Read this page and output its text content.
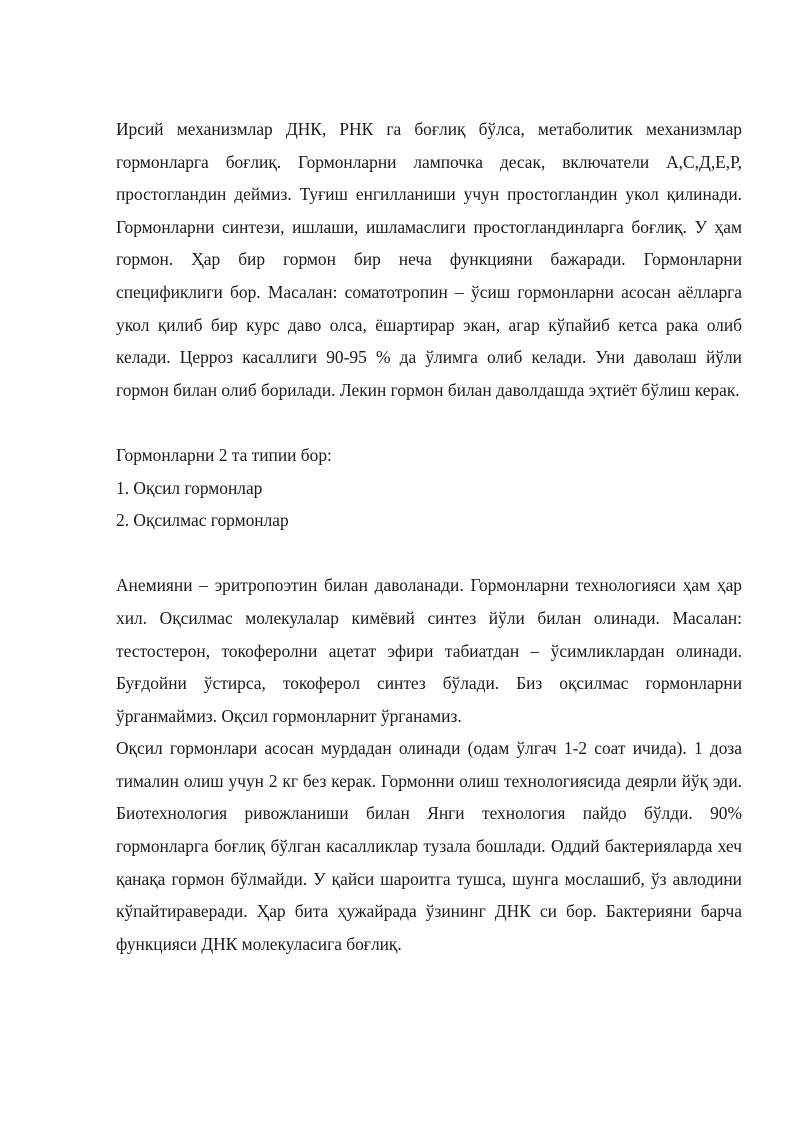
Ирсий механизмлар ДНК, РНК га боғлиқ бўлса, метаболитик механизмлар гормонларга боғлиқ. Гормонларни лампочка десак, включатели А,С,Д,Е,Р, простогландин деймиз. Туғиш енгилланиши учун простогландин укол қилинади. Гормонларни синтези, ишлаши, ишламаслиги простогландинларга боғлиқ. У ҳам гормон. Ҳар бир гормон бир неча функцияни бажаради. Гормонларни спецификлиги бор. Масалан: соматотропин – ўсиш гормонларни асосан аёлларга укол қилиб бир курс даво олса, ёшартирар экан, агар кўпайиб кетса рака олиб келади. Церроз касаллиги 90-95 % да ўлимга олиб келади. Уни даволаш йўли гормон билан олиб борилади. Лекин гормон билан даволдашда эҳтиёт бўлиш керак.

Гормонларни 2 та типии бор:

1. Оқсил гормонлар

2. Оқсилмас гормонлар

Анемияни – эритропоэтин билан даволанади. Гормонларни технологияси ҳам ҳар хил. Оқсилмас молекулалар кимёвий синтез йўли билан олинади. Масалан: тестостерон, токоферолни ацетат эфири табиатдан – ўсимликлардан олинади. Буғдойни ўстирса, токоферол синтез бўлади. Биз оқсилмас гормонларни ўрганмаймиз. Оқсил гормонларнит ўрганамиз.

Оқсил гормонлари асосан мурдадан олинади (одам ўлгач 1-2 соат ичида). 1 доза тималин олиш учун 2 кг без керак. Гормонни олиш технологиясида деярли йўқ эди. Биотехнология ривожланиши билан Янги технология пайдо бўлди. 90% гормонларга боғлиқ бўлган касалликлар тузала бошлади. Оддий бактерияларда хеч қанақа гормон бўлмайди. У қайси шароитга тушса, шунга мослашиб, ўз авлодини кўпайтираверади. Ҳар бита ҳужайрада ўзининг ДНК си бор. Бактерияни барча функцияси ДНК молекуласига боғлиқ.
